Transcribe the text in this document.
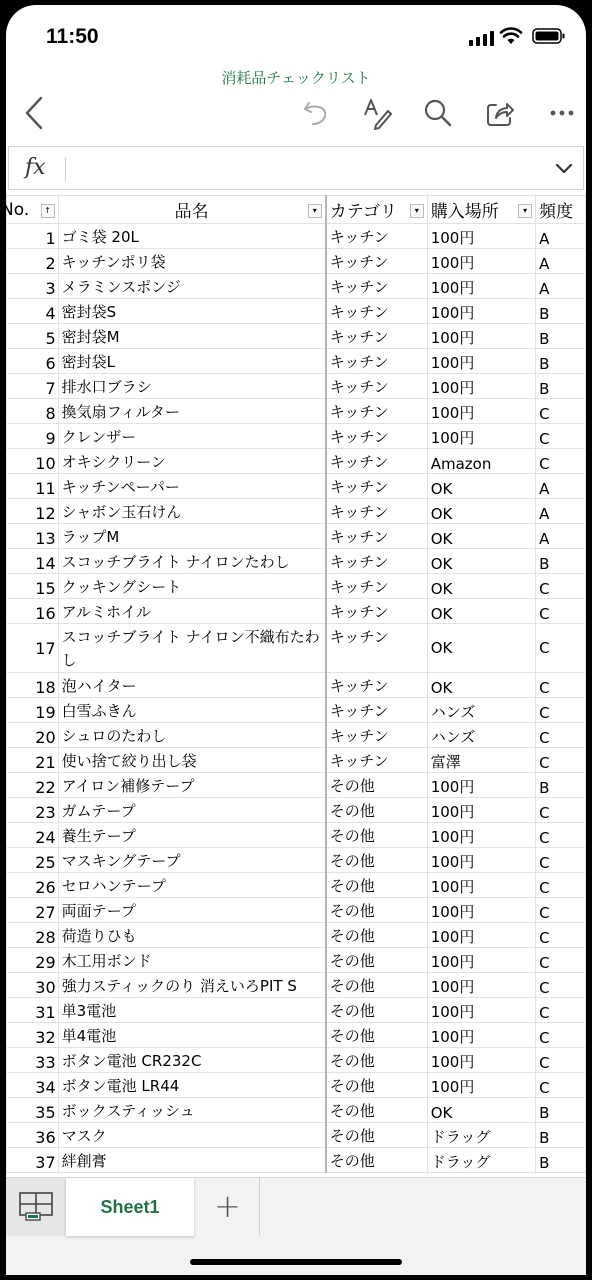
11:50
消耗品チェックリスト
fx
No. ↑	品名 ▾	カテゴリ ▾	購入場所 ▾	頻度
1	ゴミ袋 20L	キッチン	100円	A
2	キッチンポリ袋	キッチン	100円	A
3	メラミンスポンジ	キッチン	100円	A
4	密封袋S	キッチン	100円	B
5	密封袋M	キッチン	100円	B
6	密封袋L	キッチン	100円	B
7	排水口ブラシ	キッチン	100円	B
8	換気扇フィルター	キッチン	100円	C
9	クレンザー	キッチン	100円	C
10	オキシクリーン	キッチン	Amazon	C
11	キッチンペーパー	キッチン	OK	A
12	シャボン玉石けん	キッチン	OK	A
13	ラップM	キッチン	OK	A
14	スコッチブライト ナイロンたわし	キッチン	OK	B
15	クッキングシート	キッチン	OK	C
16	アルミホイル	キッチン	OK	C
17	スコッチブライト ナイロン不織布たわし	キッチン	OK	C
18	泡ハイター	キッチン	OK	C
19	白雪ふきん	キッチン	ハンズ	C
20	シュロのたわし	キッチン	ハンズ	C
21	使い捨て絞り出し袋	キッチン	富澤	C
22	アイロン補修テープ	その他	100円	B
23	ガムテープ	その他	100円	C
24	養生テープ	その他	100円	C
25	マスキングテープ	その他	100円	C
26	セロハンテープ	その他	100円	C
27	両面テープ	その他	100円	C
28	荷造りひも	その他	100円	C
29	木工用ボンド	その他	100円	C
30	強力スティックのり 消えいろPIT S	その他	100円	C
31	単3電池	その他	100円	C
32	単4電池	その他	100円	C
33	ボタン電池 CR232C	その他	100円	C
34	ボタン電池 LR44	その他	100円	C
35	ボックスティッシュ	その他	OK	B
36	マスク	その他	ドラッグ	B
37	絆創膏	その他	ドラッグ	B
Sheet1	+
